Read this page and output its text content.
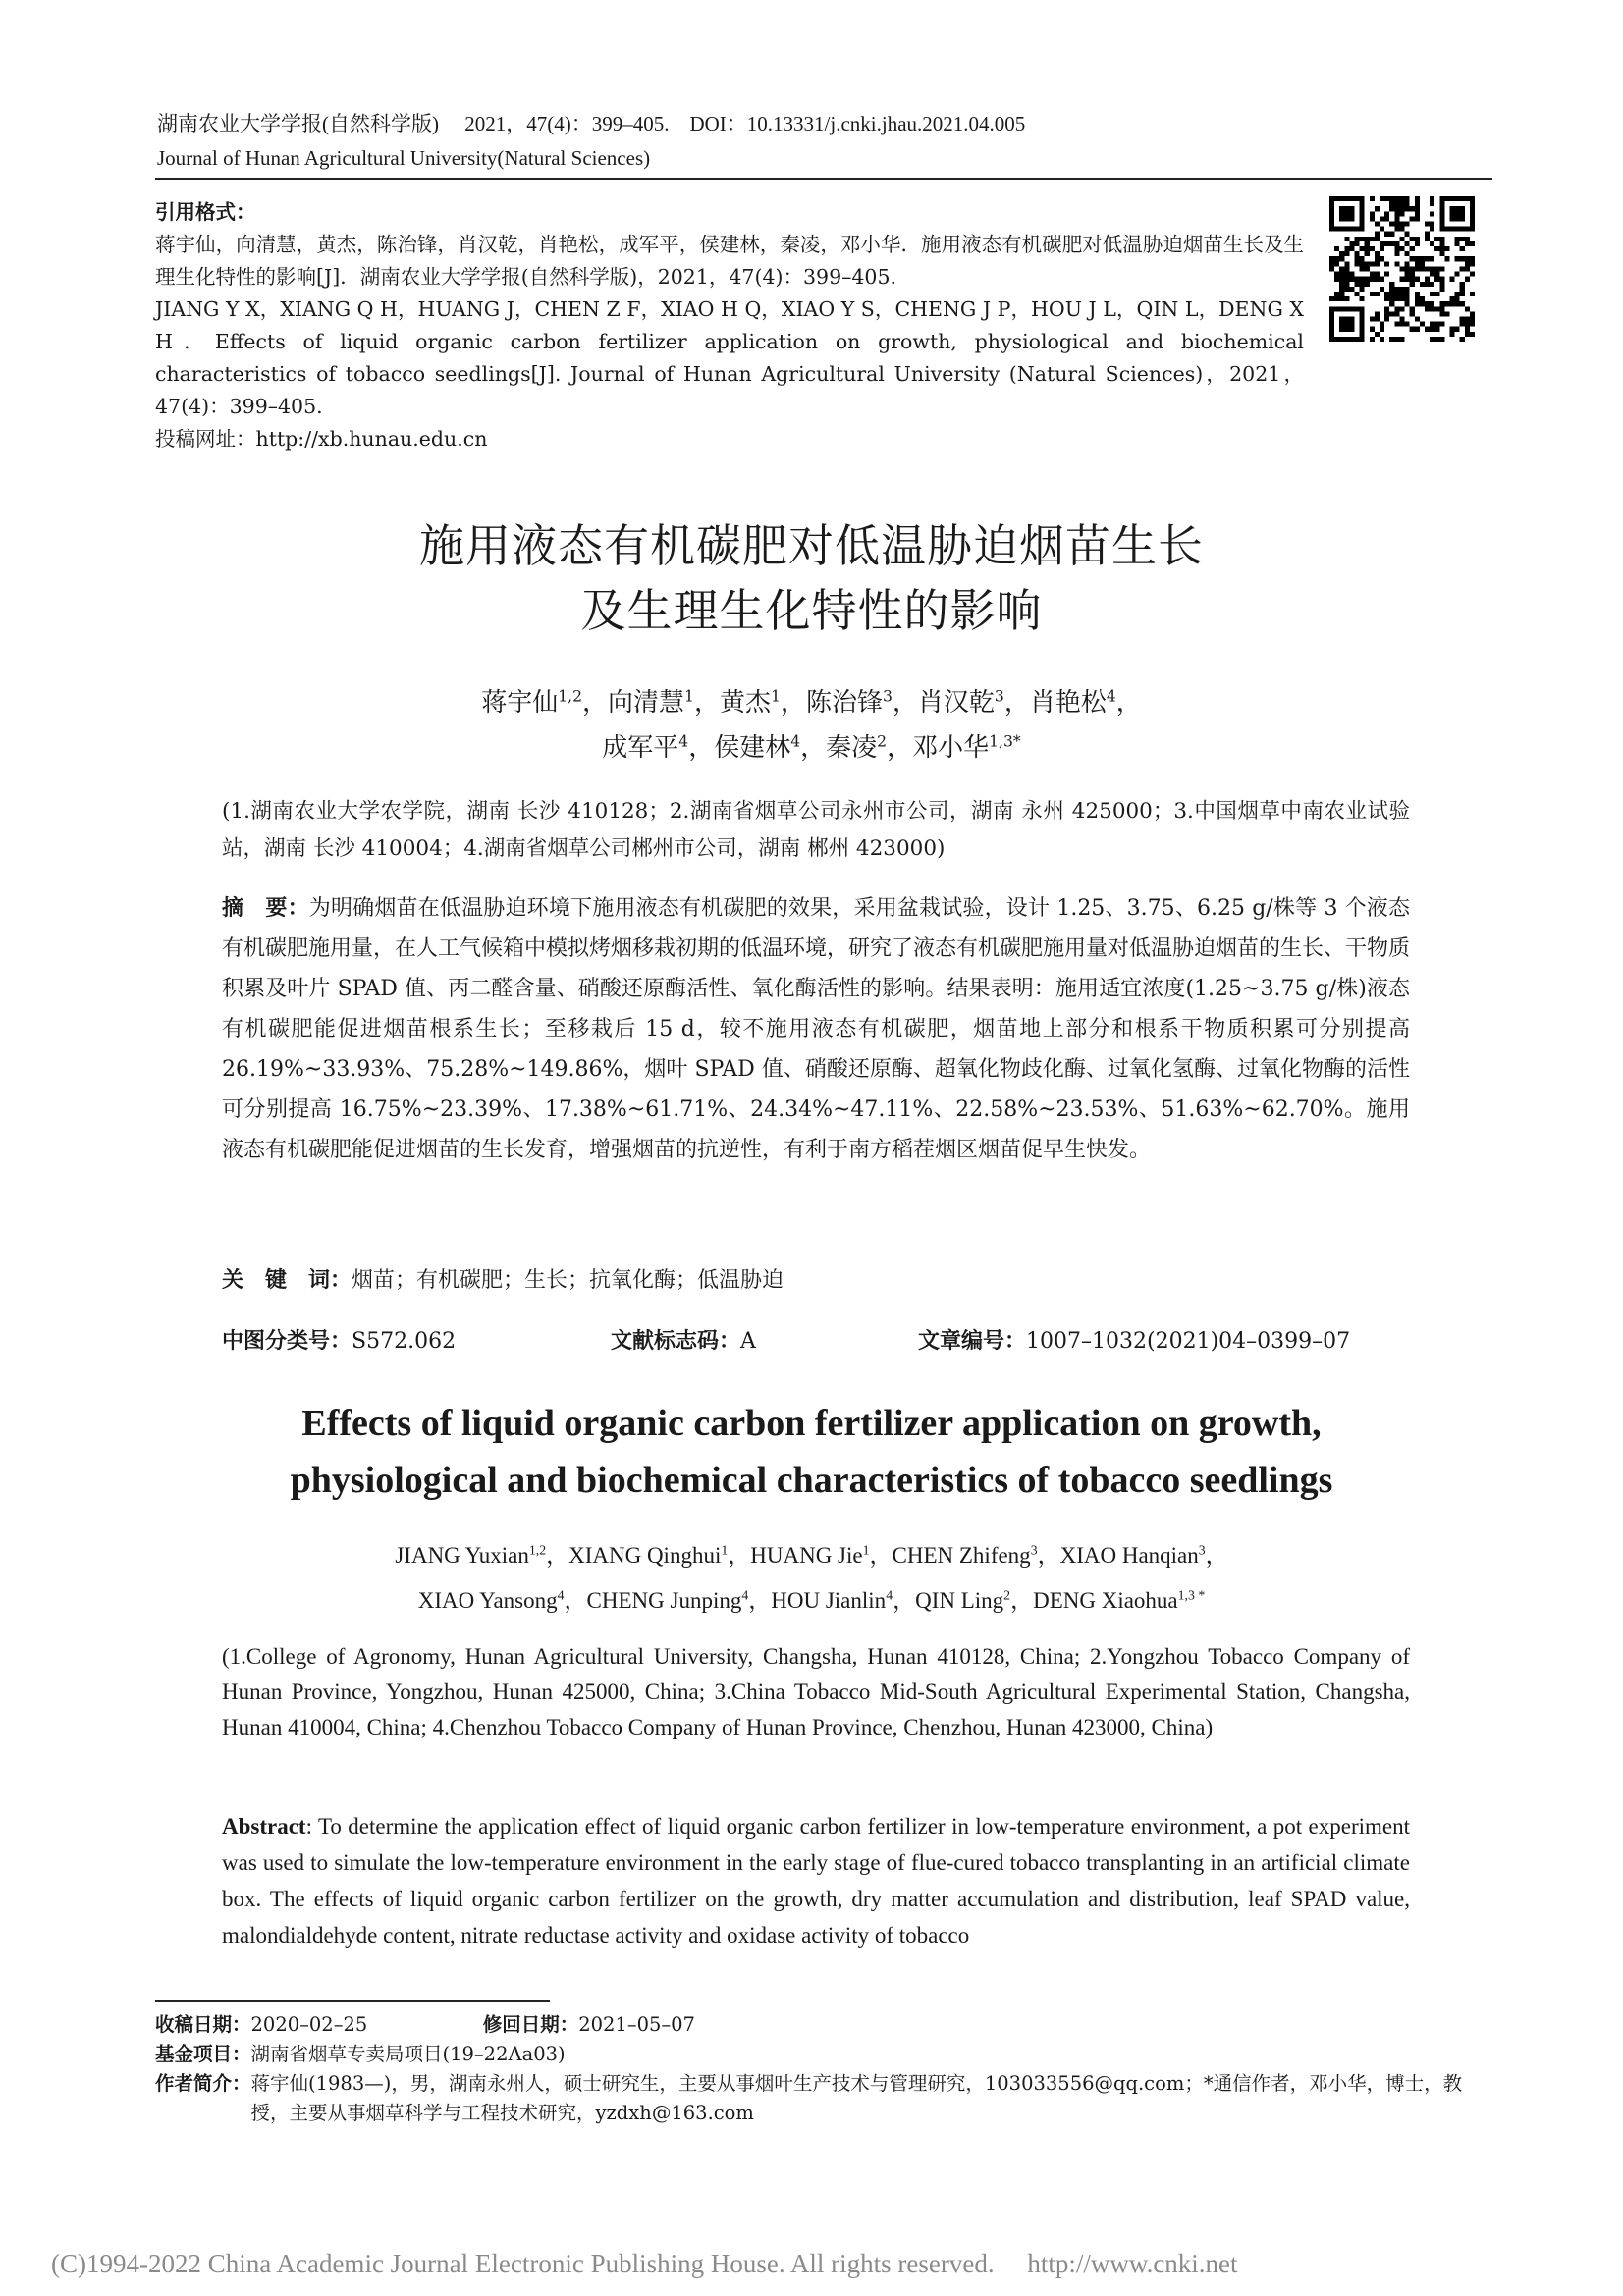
湖南农业大学学报(自然科学版)　 2021，47(4)：399–405.　DOI：10.13331/j.cnki.jhau.2021.04.005
Journal of Hunan Agricultural University(Natural Sciences)

引用格式：

蒋宇仙，向清慧，黄杰，陈治锋，肖汉乾，肖艳松，成军平，侯建林，秦凌，邓小华．施用液态有机碳肥对低温胁迫烟苗生长及生理生化特性的影响[J]．湖南农业大学学报(自然科学版)，2021，47(4)：399–405.

JIANG Y X，XIANG Q H，HUANG J，CHEN Z F，XIAO H Q，XIAO Y S，CHENG J P，HOU J L，QIN L，DENG X H．Effects of liquid organic carbon fertilizer application on growth, physiological and biochemical characteristics of tobacco seedlings[J]. Journal of Hunan Agricultural University (Natural Sciences)，2021，47(4)：399–405.

投稿网址：http://xb.hunau.edu.cn

施用液态有机碳肥对低温胁迫烟苗生长
及生理生化特性的影响
蒋宇仙$^{1,2}$，向清慧$^1$，黄杰$^1$，陈治锋$^3$，肖汉乾$^3$，肖艳松$^4$，
成军平$^4$，侯建林$^4$，秦凌$^2$，邓小华$^{1,3*}$
(1.湖南农业大学农学院，湖南 长沙 410128；2.湖南省烟草公司永州市公司，湖南 永州 425000；3.中国烟草中南农业试验站，湖南 长沙 410004；4.湖南省烟草公司郴州市公司，湖南 郴州 423000)
摘　要：为明确烟苗在低温胁迫环境下施用液态有机碳肥的效果，采用盆栽试验，设计 1.25、3.75、6.25 g/株等 3 个液态有机碳肥施用量，在人工气候箱中模拟烤烟移栽初期的低温环境，研究了液态有机碳肥施用量对低温胁迫烟苗的生长、干物质积累及叶片 SPAD 值、丙二醛含量、硝酸还原酶活性、氧化酶活性的影响。结果表明：施用适宜浓度(1.25~3.75 g/株)液态有机碳肥能促进烟苗根系生长；至移栽后 15 d，较不施用液态有机碳肥，烟苗地上部分和根系干物质积累可分别提高 26.19%~33.93%、75.28%~149.86%，烟叶 SPAD 值、硝酸还原酶、超氧化物歧化酶、过氧化氢酶、过氧化物酶的活性可分别提高 16.75%~23.39%、17.38%~61.71%、24.34%~47.11%、22.58%~23.53%、51.63%~62.70%。施用液态有机碳肥能促进烟苗的生长发育，增强烟苗的抗逆性，有利于南方稻茬烟区烟苗促早生快发。
关　键　词：烟苗；有机碳肥；生长；抗氧化酶；低温胁迫
中图分类号：S572.062	文献标志码：A	文章编号：1007–1032(2021)04–0399–07
Effects of liquid organic carbon fertilizer application on growth,
physiological and biochemical characteristics of tobacco seedlings
JIANG Yuxian$^{1,2}$，XIANG Qinghui$^1$，HUANG Jie$^1$，CHEN Zhifeng$^3$，XIAO Hanqian$^3$，
XIAO Yansong$^4$，CHENG Junping$^4$，HOU Jianlin$^4$，QIN Ling$^2$，DENG Xiaohua$^{1,3 *}$
(1.College of Agronomy, Hunan Agricultural University, Changsha, Hunan 410128, China; 2.Yongzhou Tobacco Company of Hunan Province, Yongzhou, Hunan 425000, China; 3.China Tobacco Mid-South Agricultural Experimental Station, Changsha, Hunan 410004, China; 4.Chenzhou Tobacco Company of Hunan Province, Chenzhou, Hunan 423000, China)
Abstract: To determine the application effect of liquid organic carbon fertilizer in low-temperature environment, a pot experiment was used to simulate the low-temperature environment in the early stage of flue-cured tobacco transplanting in an artificial climate box. The effects of liquid organic carbon fertilizer on the growth, dry matter accumulation and distribution, leaf SPAD value, malondialdehyde content, nitrate reductase activity and oxidase activity of tobacco
收稿日期：2020–02–25	修回日期：2021–05–07
基金项目：湖南省烟草专卖局项目(19–22Aa03)
作者简介： 蒋宇仙(1983—)，男，湖南永州人，硕士研究生，主要从事烟叶生产技术与管理研究，103033556@qq.com；*通信作者，邓小华，博士，教授，主要从事烟草科学与工程技术研究，yzdxh@163.com
(C)1994-2022 China Academic Journal Electronic Publishing House. All rights reserved.　 http://www.cnki.net
